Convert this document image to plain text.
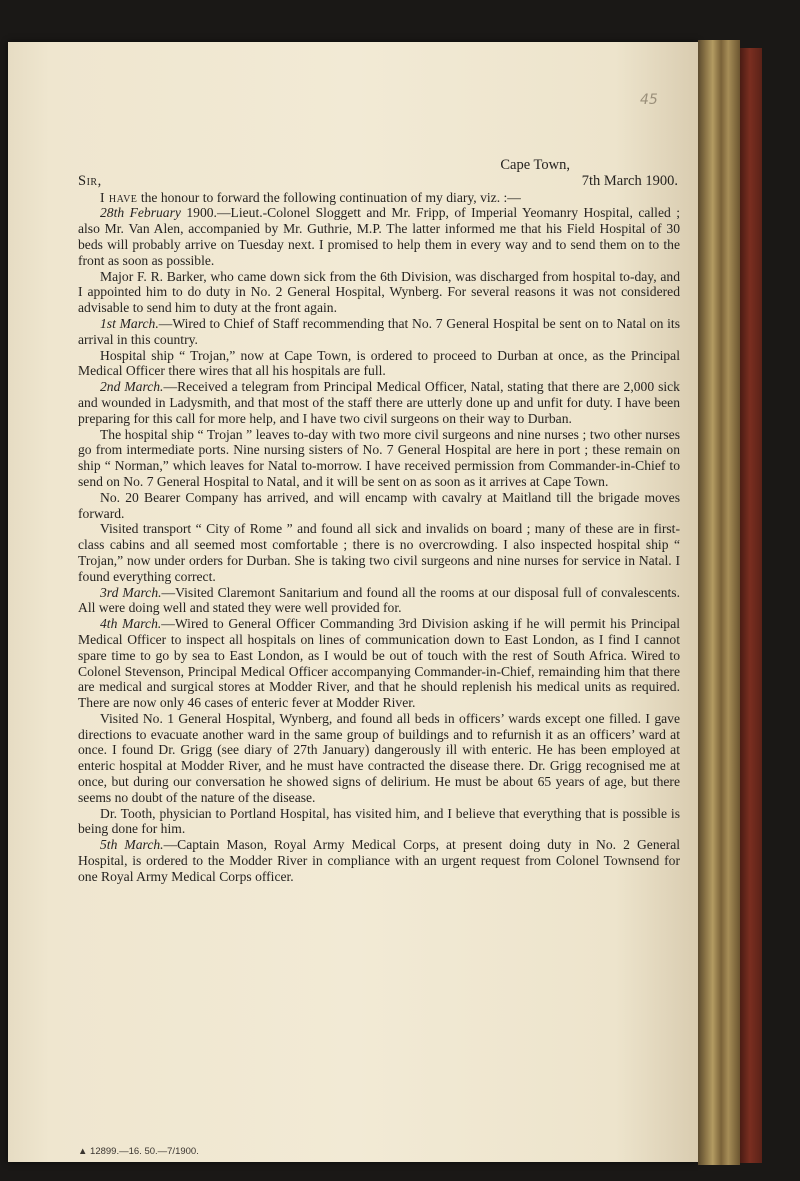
45

Cape Town,

Sir,	7th March 1900.

I have the honour to forward the following continuation of my diary, viz. :—

28th February 1900.—Lieut.-Colonel Sloggett and Mr. Fripp, of Imperial Yeomanry Hospital, called ; also Mr. Van Alen, accompanied by Mr. Guthrie, M.P. The latter informed me that his Field Hospital of 30 beds will probably arrive on Tuesday next. I promised to help them in every way and to send them on to the front as soon as possible.

Major F. R. Barker, who came down sick from the 6th Division, was discharged from hospital to-day, and I appointed him to do duty in No. 2 General Hospital, Wynberg. For several reasons it was not considered advisable to send him to duty at the front again.

1st March.—Wired to Chief of Staff recommending that No. 7 General Hospital be sent on to Natal on its arrival in this country.

Hospital ship “ Trojan,” now at Cape Town, is ordered to proceed to Durban at once, as the Principal Medical Officer there wires that all his hospitals are full.

2nd March.—Received a telegram from Principal Medical Officer, Natal, stating that there are 2,000 sick and wounded in Ladysmith, and that most of the staff there are utterly done up and unfit for duty. I have been preparing for this call for more help, and I have two civil surgeons on their way to Durban.

The hospital ship “ Trojan ” leaves to-day with two more civil surgeons and nine nurses ; two other nurses go from intermediate ports. Nine nursing sisters of No. 7 General Hospital are here in port ; these remain on ship “ Norman,” which leaves for Natal to-morrow. I have received permission from Commander-in-Chief to send on No. 7 General Hospital to Natal, and it will be sent on as soon as it arrives at Cape Town.

No. 20 Bearer Company has arrived, and will encamp with cavalry at Maitland till the brigade moves forward.

Visited transport “ City of Rome ” and found all sick and invalids on board ; many of these are in first-class cabins and all seemed most comfortable ; there is no overcrowding. I also inspected hospital ship “ Trojan,” now under orders for Durban. She is taking two civil surgeons and nine nurses for service in Natal. I found everything correct.

3rd March.—Visited Claremont Sanitarium and found all the rooms at our disposal full of convalescents. All were doing well and stated they were well provided for.

4th March.—Wired to General Officer Commanding 3rd Division asking if he will permit his Principal Medical Officer to inspect all hospitals on lines of communication down to East London, as I find I cannot spare time to go by sea to East London, as I would be out of touch with the rest of South Africa. Wired to Colonel Stevenson, Principal Medical Officer accompanying Commander-in-Chief, remainding him that there are medical and surgical stores at Modder River, and that he should replenish his medical units as required. There are now only 46 cases of enteric fever at Modder River.

Visited No. 1 General Hospital, Wynberg, and found all beds in officers’ wards except one filled. I gave directions to evacuate another ward in the same group of buildings and to refurnish it as an officers’ ward at once. I found Dr. Grigg (see diary of 27th January) dangerously ill with enteric. He has been employed at enteric hospital at Modder River, and he must have contracted the disease there. Dr. Grigg recognised me at once, but during our conversation he showed signs of delirium. He must be about 65 years of age, but there seems no doubt of the nature of the disease.

Dr. Tooth, physician to Portland Hospital, has visited him, and I believe that everything that is possible is being done for him.

5th March.—Captain Mason, Royal Army Medical Corps, at present doing duty in No. 2 General Hospital, is ordered to the Modder River in compliance with an urgent request from Colonel Townsend for one Royal Army Medical Corps officer.

▲ 12899.—16. 50.—7/1900.
